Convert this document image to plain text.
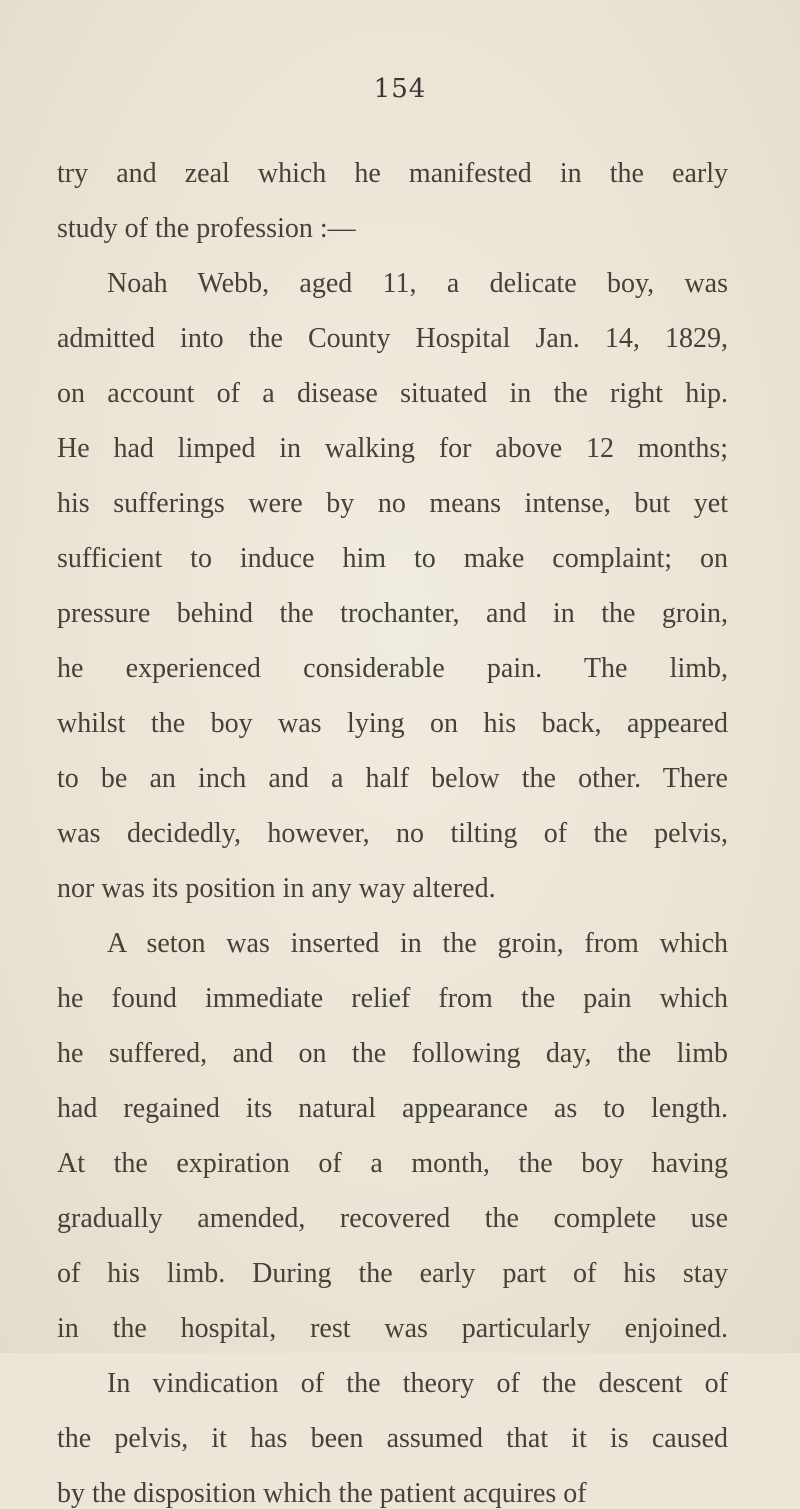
154
try and zeal which he manifested in the early
study of the profession :—
Noah Webb, aged 11, a delicate boy, was
admitted into the County Hospital Jan. 14, 1829,
on account of a disease situated in the right hip.
He had limped in walking for above 12 months;
his sufferings were by no means intense, but yet
sufficient to induce him to make complaint; on
pressure behind the trochanter, and in the groin,
he experienced considerable pain. The limb,
whilst the boy was lying on his back, appeared
to be an inch and a half below the other. There
was decidedly, however, no tilting of the pelvis,
nor was its position in any way altered.
A seton was inserted in the groin, from which
he found immediate relief from the pain which
he suffered, and on the following day, the limb
had regained its natural appearance as to length.
At the expiration of a month, the boy having
gradually amended, recovered the complete use
of his limb. During the early part of his stay
in the hospital, rest was particularly enjoined.
In vindication of the theory of the descent of
the pelvis, it has been assumed that it is caused
by the disposition which the patient acquires of
